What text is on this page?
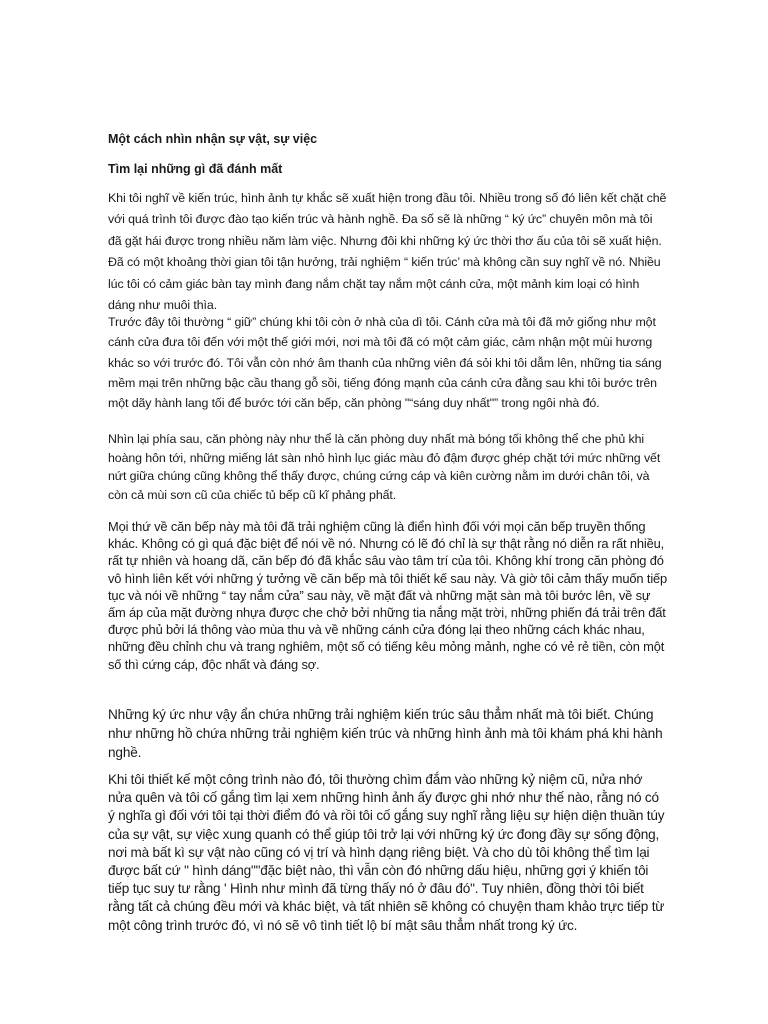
Một cách nhìn nhận sự vật, sự việc

Tìm lại những gì đã đánh mất

Khi tôi nghĩ về kiến trúc, hình ảnh tự khắc sẽ xuất hiện trong đầu tôi. Nhiều trong số đó liên kết chặt chẽ với quá trình tôi được đào tạo kiến trúc và hành nghề. Đa số sẽ là những “ ký ức” chuyên môn mà tôi đã gặt hái được trong nhiều năm làm việc. Nhưng đôi khi những ký ức thời thơ ấu của tôi sẽ xuất hiện. Đã có một khoảng thời gian tôi tận hưởng, trải nghiệm “ kiến trúc’ mà không cần suy nghĩ về nó. Nhiều lúc tôi có cảm giác bàn tay mình đang nắm chặt tay nắm một cánh cửa, một mảnh kim loại có hình dáng như muôi thìa.

Trước đây tôi thường “ giữ” chúng khi tôi còn ở nhà của dì tôi. Cánh cửa mà tôi đã mở giống như một cánh cửa đưa tôi đến với một thế giới mới, nơi mà tôi đã có một cảm giác, cảm nhận một mùi hương khác so với trước đó. Tôi vẫn còn nhớ âm thanh của những viên đá sỏi khi tôi dẫm lên, những tia sáng mềm mại trên những bậc cầu thang gỗ sồi, tiếng đóng mạnh của cánh cửa đằng sau khi tôi bước trên một dãy hành lang tối để bước tới căn bếp, căn phòng "“sáng duy nhất"” trong ngôi nhà đó.

Nhìn lại phía sau, căn phòng này như thể là căn phòng duy nhất mà bóng tối không thể che phủ khi hoàng hôn tới, những miếng lát sàn nhỏ hình lục giác màu đỏ đậm được ghép chặt tới mức những vết nứt giữa chúng cũng không thể thấy được, chúng cứng cáp và kiên cường nằm im dưới chân tôi, và còn cả mùi sơn cũ của chiếc tủ bếp cũ kĩ phảng phất.

Mọi thứ về căn bếp này mà tôi đã trải nghiệm cũng là điển hình đối với mọi căn bếp truyền thống khác. Không có gì quá đặc biệt để nói về nó. Nhưng có lẽ đó chỉ là sự thật rằng nó diễn ra rất nhiều, rất tự nhiên và hoang dã, căn bếp đó đã khắc sâu vào tâm trí của tôi. Không khí trong căn phòng đó vô hình liên kết với những ý tưởng về căn bếp mà tôi thiết kế sau này. Và giờ tôi cảm thấy muốn tiếp tục và nói về những “ tay nắm cửa” sau này, về mặt đất và những mặt sàn mà tôi bước lên, về sự ấm áp của mặt đường nhựa được che chở bởi những tia nắng mặt trời, những phiến đá trải trên đất được phủ bởi lá thông vào mùa thu và về những cánh cửa đóng lại theo những cách khác nhau, những đều chỉnh chu và trang nghiêm, một số có tiếng kêu mỏng mảnh, nghe có vẻ rẻ tiền, còn một số thì cứng cáp, độc nhất và đáng sợ.

Những ký ức như vậy ẩn chứa những trải nghiệm kiến trúc sâu thẳm nhất mà tôi biết. Chúng như những hồ chứa những trải nghiệm kiến trúc và những hình ảnh mà tôi khám phá khi hành nghề.

Khi tôi thiết kế một công trình nào đó, tôi thường chìm đắm vào những kỷ niệm cũ, nửa nhớ nửa quên và tôi cố gắng tìm lại xem những hình ảnh ấy được ghi nhớ như thế nào, rằng nó có ý nghĩa gì đối với tôi tại thời điểm đó và rồi tôi cố gắng suy nghĩ rằng liệu sự hiện diện thuần túy của sự vật, sự việc xung quanh có thể giúp tôi trở lại với những ký ức đong đầy sự sống động, nơi mà bất kì sự vật nào cũng có vị trí và hình dạng riêng biệt. Và cho dù tôi không thể tìm lại được bất cứ " hình dáng""đặc biệt nào, thì vẫn còn đó những dấu hiệu, những gợi ý khiến tôi tiếp tục suy tư rằng ' Hình như mình đã từng thấy nó ở đâu đó". Tuy nhiên, đồng thời tôi biết rằng tất cả chúng đều mới và khác biệt, và tất nhiên sẽ không có chuyện tham khảo trực tiếp từ một công trình trước đó, vì nó sẽ vô tình tiết lộ bí mật sâu thẳm nhất trong ký ức.
